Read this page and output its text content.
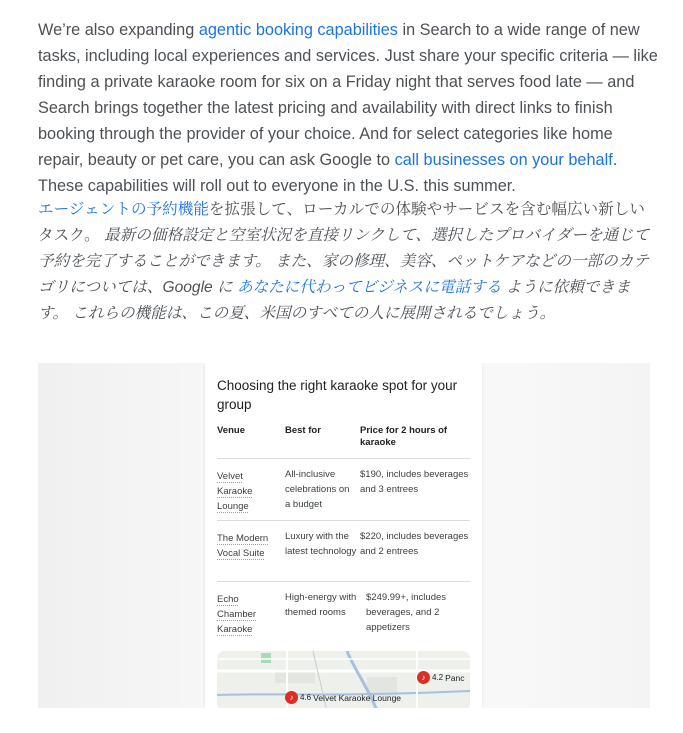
We’re also expanding agentic booking capabilities in Search to a wide range of new tasks, including local experiences and services. Just share your specific criteria — like finding a private karaoke room for six on a Friday night that serves food late — and Search brings together the latest pricing and availability with direct links to finish booking through the provider of your choice. And for select categories like home repair, beauty or pet care, you can ask Google to call businesses on your behalf. These capabilities will roll out to everyone in the U.S. this summer.

エージェントの予約機能を拡張して、ローカルでの体験やサービスを含む幅広い新しいタスク。 最新の価格設定と空室状況を直接リンクして、選択したプロバイダーを通じて予約を完了することができます。 また、家の修理、美容、ペットケアなどの一部のカテゴリについては、Google に あなたに代わってビジネスに電話する ように依頼できます。 これらの機能は、この夏、米国のすべての人に展開されるでしょう。

Choosing the right karaoke spot for your group
Venue	Best for	Price for 2 hours of karaoke
Velvet Karaoke Lounge
All-inclusive celebrations on a budget
$190, includes beverages and 3 entrees
The Modern Vocal Suite
Luxury with the latest technology
$220, includes beverages and 2 entrees
Echo Chamber Karaoke
High-energy with themed rooms
$249.99+, includes beverages, and 2 appetizers
♪ 4.2 Panc
♪ 4.6 Velvet Karaoke Lounge
